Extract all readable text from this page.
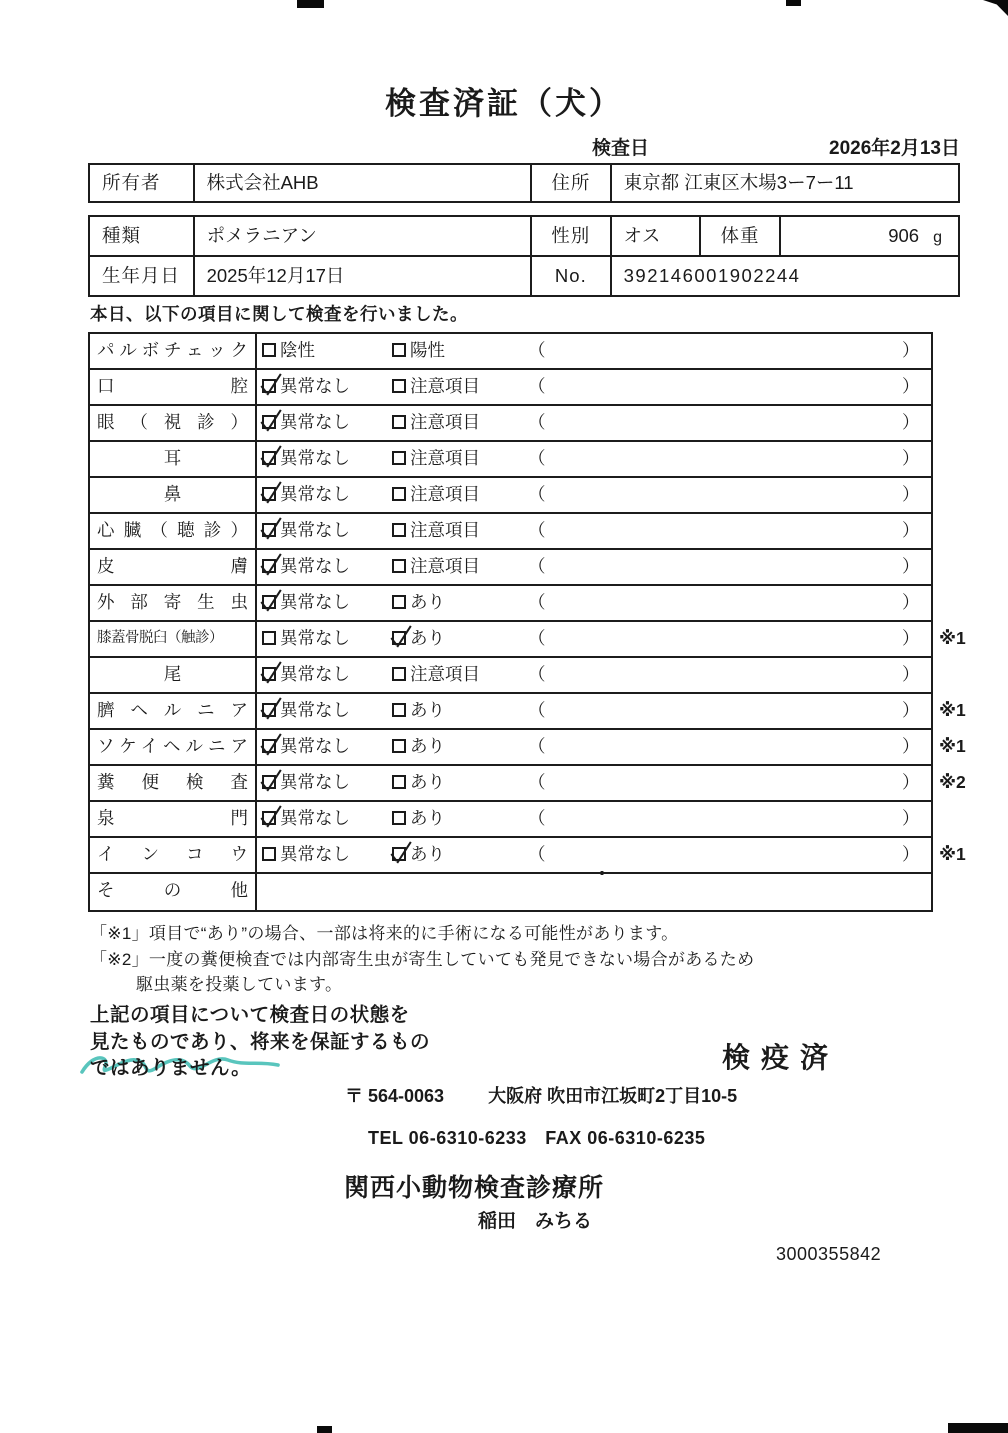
検査済証（犬）
検査日	2026年2月13日
所有者	株式会社AHB	住所	東京都 江東区木場3ー7ー11
種類	ポメラニアン	性別	オス	体重	906 g
生年月日	2025年12月17日	No.	392146001902244
本日、以下の項目に関して検査を行いました。
パルボチェック	陰性	陽性	（	）
口腔	異常なし	注意項目	（	）
眼（視診）	異常なし	注意項目	（	）
耳	異常なし	注意項目	（	）
鼻	異常なし	注意項目	（	）
心臓（聴診）	異常なし	注意項目	（	）
皮膚	異常なし	注意項目	（	）
外部寄生虫	異常なし	あり	（	）
膝蓋骨脱臼（触診）	異常なし	あり	（	） ※1
尾	異常なし	注意項目	（	）
臍ヘルニア	異常なし	あり	（	） ※1
ソケイヘルニア	異常なし	あり	（	） ※1
糞便検査	異常なし	あり	（	） ※2
泉門	異常なし	あり	（	）
インコウ	異常なし	あり	（	） ※1
その他
「※1」項目で“あり”の場合、一部は将来的に手術になる可能性があります。
「※2」一度の糞便検査では内部寄生虫が寄生していても発見できない場合があるため
駆虫薬を投薬しています。
上記の項目について検査日の状態を
見たものであり、将来を保証するもの
ではありません。	検疫済
〒 564-0063 大阪府 吹田市江坂町2丁目10-5
TEL 06-6310-6233　FAX 06-6310-6235
関西小動物検査診療所
稲田　みちる
3000355842
